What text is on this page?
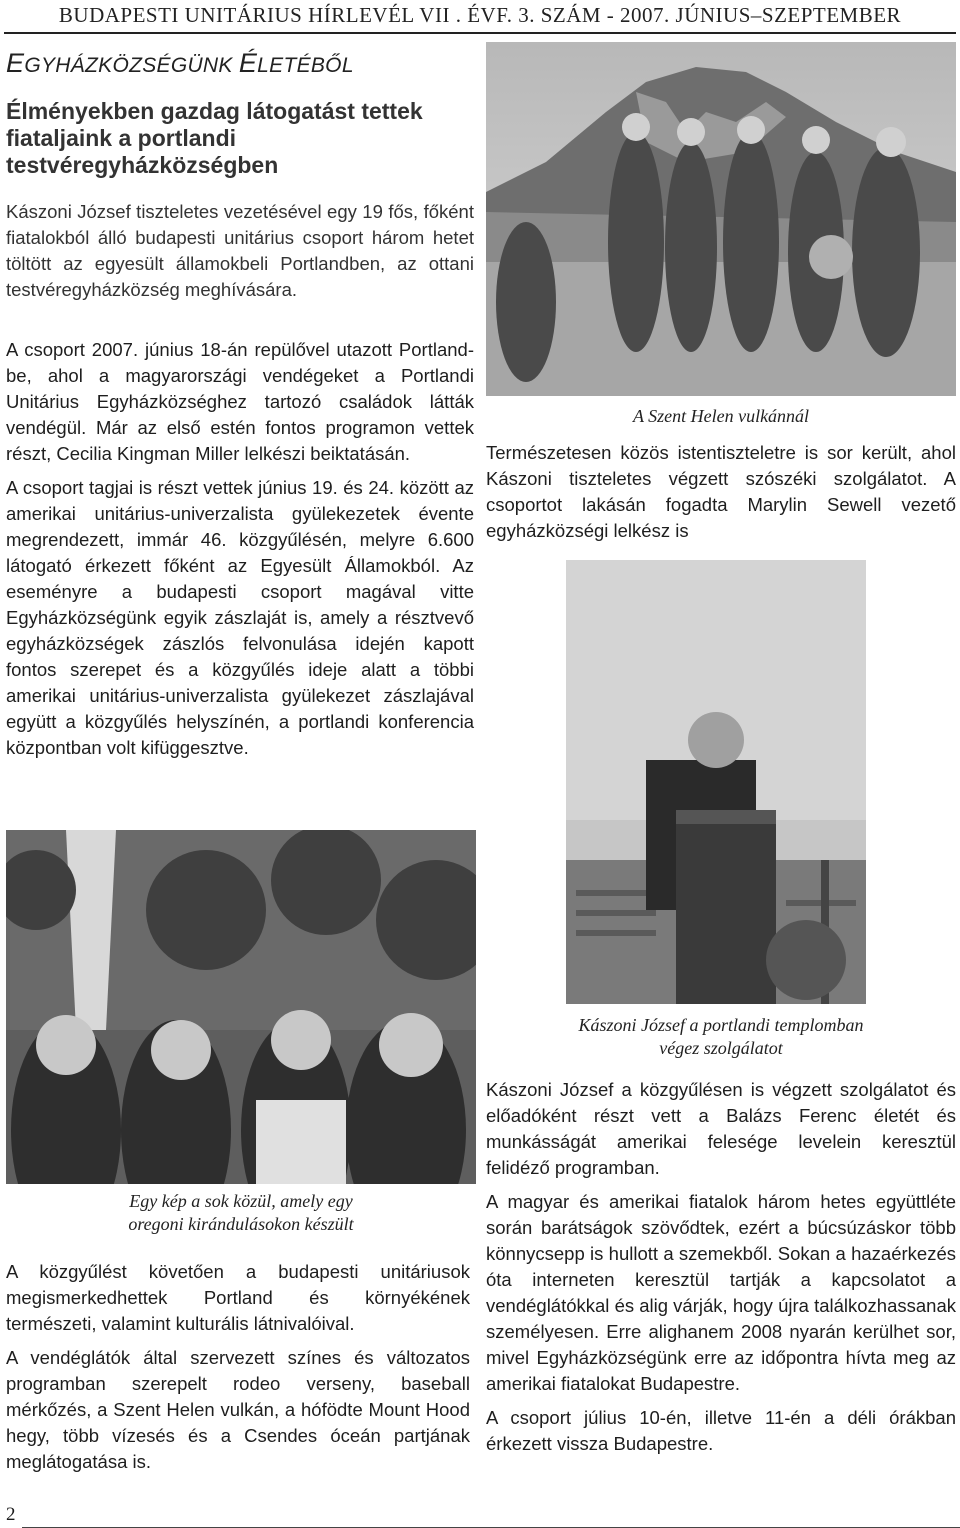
BUDAPESTI UNITÁRIUS HÍRLEVÉL VII . ÉVF. 3. SZÁM - 2007. JÚNIUS–SZEPTEMBER
EGYHÁZKÖZSÉGÜNK ÉLETÉBŐL
Élményekben gazdag látogatást tettek fiataljaink a portlandi testvéregyházközségben

Kászoni József tiszteletes vezetésével egy 19 fős, főként fiatalokból álló budapesti unitárius csoport három hetet töltött az egyesült államokbeli Portlandben, az ottani testvéregyházközség meghívására.

A csoport 2007. június 18-án repülővel utazott Portland-be, ahol a magyarországi vendégeket a Portlandi Unitárius Egyházközséghez tartozó családok látták vendégül. Már az első estén fontos programon vettek részt, Cecilia Kingman Miller lelkészi beiktatásán.

A csoport tagjai is részt vettek június 19. és 24. között az amerikai unitárius-univerzalista gyülekezetek évente megrendezett, immár 46. közgyűlésén, melyre 6.600 látogató érkezett főként az Egyesült Államokból. Az eseményre a budapesti csoport magával vitte Egyházközségünk egyik zászlaját is, amely a résztvevő egyházközségek zászlós felvonulása idején kapott fontos szerepet és a közgyűlés ideje alatt a többi amerikai unitárius-univerzalista gyülekezet zászlajával együtt a közgyűlés helyszínén, a portlandi konferencia központban volt kifüggesztve.

A Szent Helen vulkánnál

Természetesen közös istentiszteletre is sor került, ahol Kászoni tiszteletes végzett szószéki szolgálatot. A csoportot lakásán fogadta Marylin Sewell vezető egyházközségi lelkész is

Kászoni József a portlandi templomban
végez szolgálatot

Kászoni József a közgyűlésen is végzett szolgálatot és előadóként részt vett a Balázs Ferenc életét és munkásságát amerikai felesége levelein keresztül felidéző programban.

A magyar és amerikai fiatalok három hetes együttléte során barátságok szövődtek, ezért a búcsúzáskor több könnycsepp is hullott a szemekből. Sokan a hazaérkezés óta interneten keresztül tartják a kapcsolatot a vendéglátókkal és alig várják, hogy újra találkozhassanak személyesen. Erre alighanem 2008 nyarán kerülhet sor, mivel Egyházközségünk erre az időpontra hívta meg az amerikai fiatalokat Budapestre.

A csoport július 10-én, illetve 11-én a déli órákban érkezett vissza Budapestre.

Egy kép a sok közül, amely egy
oregoni kirándulásokon készült

A közgyűlést követően a budapesti unitáriusok megismerkedhettek Portland és környékének természeti, valamint kulturális látnivalóival.

A vendéglátók által szervezett színes és változatos programban szerepelt rodeo verseny, baseball mérkőzés, a Szent Helen vulkán, a hófödte Mount Hood hegy, több vízesés és a Csendes óceán partjának meglátogatása is.

2
